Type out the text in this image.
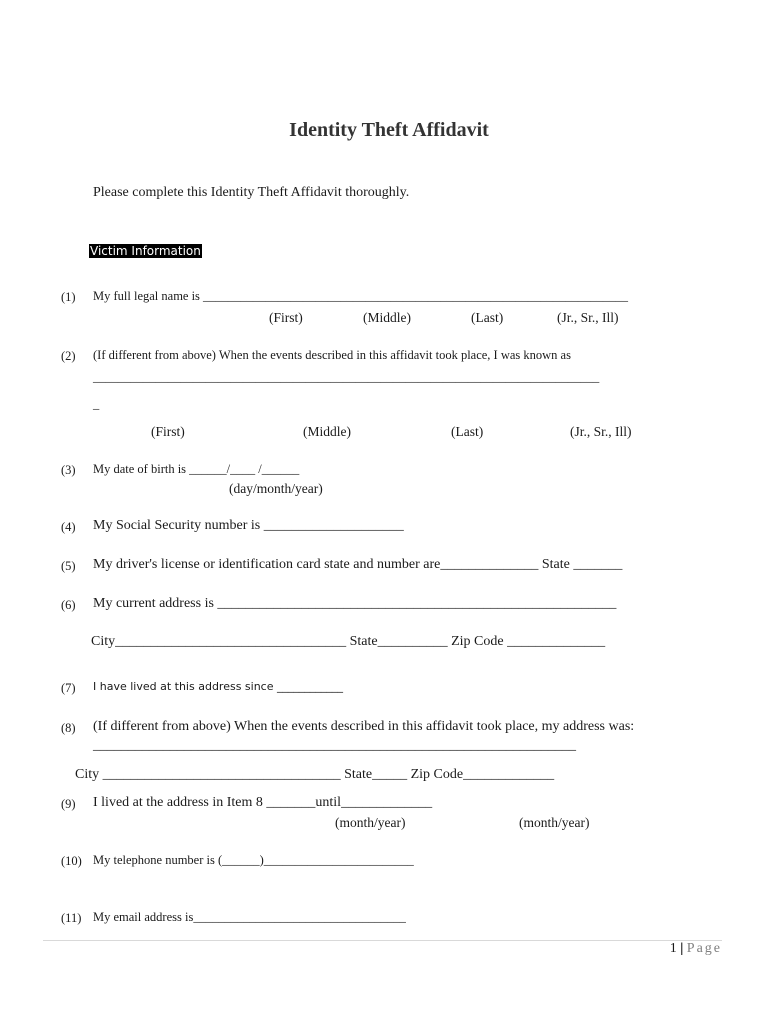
Identity Theft Affidavit
Please complete this Identity Theft Affidavit thoroughly.
Victim Information
(1) My full legal name is ____________________________________________________________________
(First)	(Middle)	(Last)	(Jr., Sr., Ill)
(2) (If different from above) When the events described in this affidavit took place, I was known as
_________________________________________________________________________________
_
(First)	(Middle)	(Last)	(Jr., Sr., Ill)
(3) My date of birth is ______/____ /______
(day/month/year)
(4) My Social Security number is ____________________
(5) My driver's license or identification card state and number are______________ State _______
(6) My current address is _________________________________________________________
City_________________________________ State__________ Zip Code ______________
(7) I have lived at this address since ____________
(8) (If different from above) When the events described in this affidavit took place, my address was:
_____________________________________________________________________
City __________________________________ State_____ Zip Code_____________
(9) I lived at the address in Item 8 _______until_____________
(month/year)	(month/year)
(10) My telephone number is (______)________________________
(11) My email address is__________________________________
1 | Page
